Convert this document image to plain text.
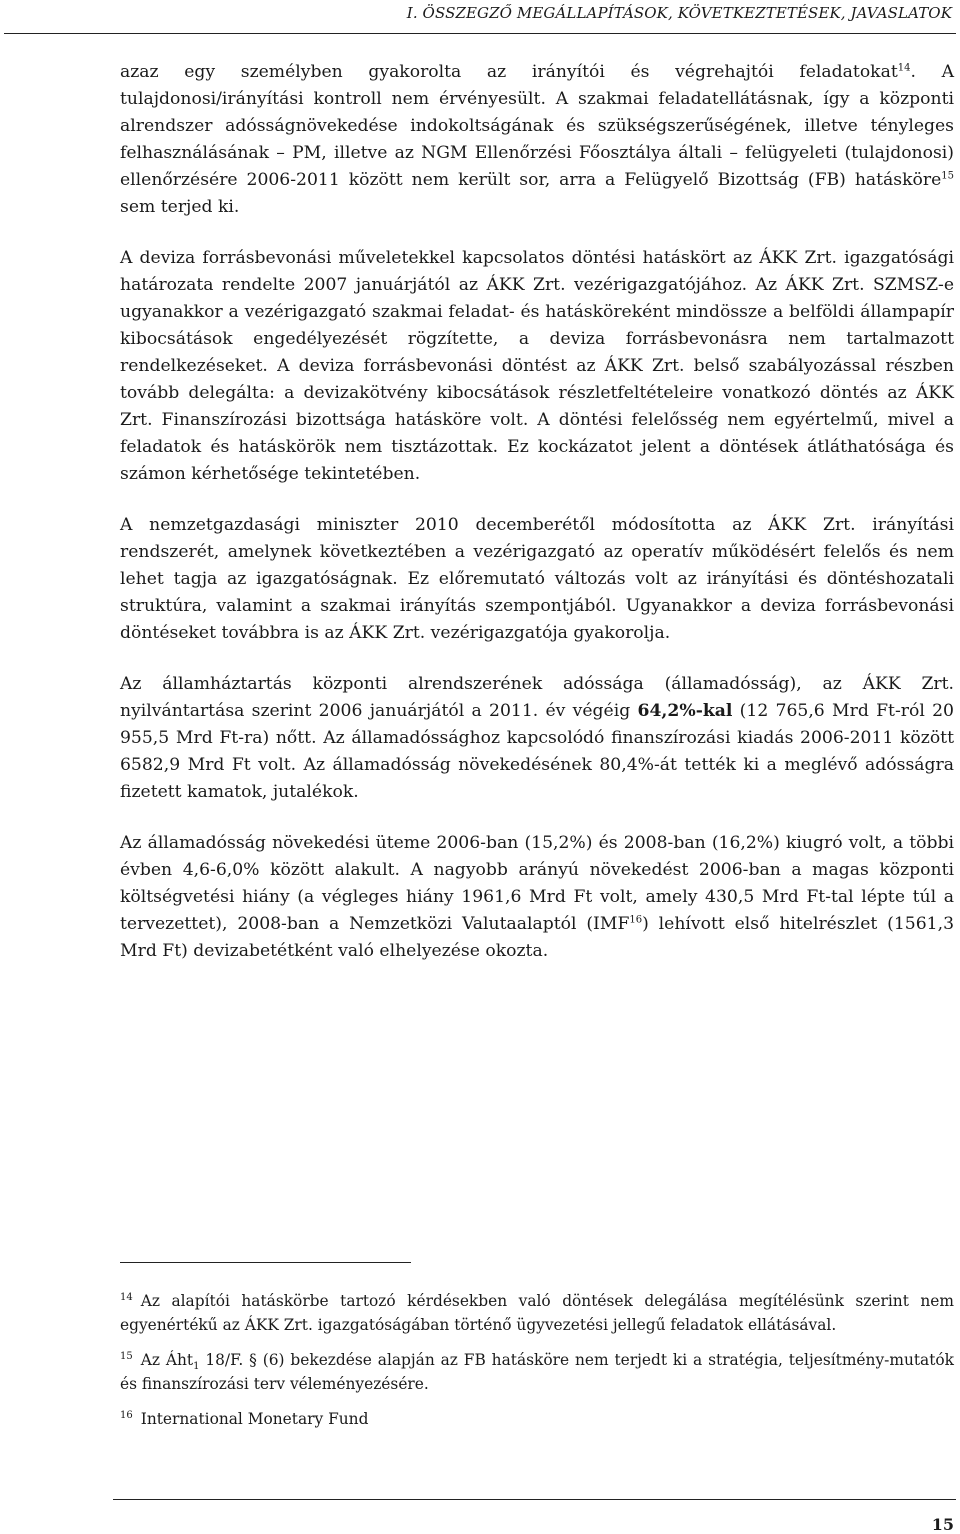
I. ÖSSZEGZŐ MEGÁLLAPÍTÁSOK, KÖVETKEZTETÉSEK, JAVASLATOK

azaz egy személyben gyakorolta az irányítói és végrehajtói feladatokat$^{14}$. A tulajdonosi/irányítási kontroll nem érvényesült. A szakmai feladatellátásnak, így a központi alrendszer adósságnövekedése indokoltságának és szükségszerűségének, illetve tényleges felhasználásának – PM, illetve az NGM Ellenőrzési Főosztálya általi – felügyeleti (tulajdonosi) ellenőrzésére 2006-2011 között nem került sor, arra a Felügyelő Bizottság (FB) hatásköre$^{15}$ sem terjed ki.

A deviza forrásbevonási műveletekkel kapcsolatos döntési hatáskört az ÁKK Zrt. igazgatósági határozata rendelte 2007 januárjától az ÁKK Zrt. vezérigazgatójához. Az ÁKK Zrt. SZMSZ-e ugyanakkor a vezérigazgató szakmai feladat- és hatásköreként mindössze a belföldi állampapír kibocsátások engedélyezését rögzítette, a deviza forrásbevonásra nem tartalmazott rendelkezéseket. A deviza forrásbevonási döntést az ÁKK Zrt. belső szabályozással részben tovább delegálta: a devizakötvény kibocsátások részletfeltételeire vonatkozó döntés az ÁKK Zrt. Finanszírozási bizottsága hatásköre volt. A döntési felelősség nem egyértelmű, mivel a feladatok és hatáskörök nem tisztázottak. Ez kockázatot jelent a döntések átláthatósága és számon kérhetősége tekintetében.

A nemzetgazdasági miniszter 2010 decemberétől módosította az ÁKK Zrt. irányítási rendszerét, amelynek következtében a vezérigazgató az operatív működésért felelős és nem lehet tagja az igazgatóságnak. Ez előremutató változás volt az irányítási és döntéshozatali struktúra, valamint a szakmai irányítás szempontjából. Ugyanakkor a deviza forrásbevonási döntéseket továbbra is az ÁKK Zrt. vezérigazgatója gyakorolja.

Az államháztartás központi alrendszerének adóssága (államadósság), az ÁKK Zrt. nyilvántartása szerint 2006 januárjától a 2011. év végéig 64,2%-kal (12 765,6 Mrd Ft-ról 20 955,5 Mrd Ft-ra) nőtt. Az államadóssághoz kapcsolódó finanszírozási kiadás 2006-2011 között 6582,9 Mrd Ft volt. Az államadósság növekedésének 80,4%-át tették ki a meglévő adósságra fizetett kamatok, jutalékok.

Az államadósság növekedési üteme 2006-ban (15,2%) és 2008-ban (16,2%) kiugró volt, a többi évben 4,6-6,0% között alakult. A nagyobb arányú növekedést 2006-ban a magas központi költségvetési hiány (a végleges hiány 1961,6 Mrd Ft volt, amely 430,5 Mrd Ft-tal lépte túl a tervezettet), 2008-ban a Nemzetközi Valutaalaptól (IMF$^{16}$) lehívott első hitelrészlet (1561,3 Mrd Ft) devizabetétként való elhelyezése okozta.

$^{14}$ Az alapítói hatáskörbe tartozó kérdésekben való döntések delegálása megítélésünk szerint nem egyenértékű az ÁKK Zrt. igazgatóságában történő ügyvezetési jellegű feladatok ellátásával.

$^{15}$ Az Áht$_1$ 18/F. § (6) bekezdése alapján az FB hatásköre nem terjedt ki a stratégia, teljesítmény-mutatók és finanszírozási terv véleményezésére.

$^{16}$ International Monetary Fund

15
